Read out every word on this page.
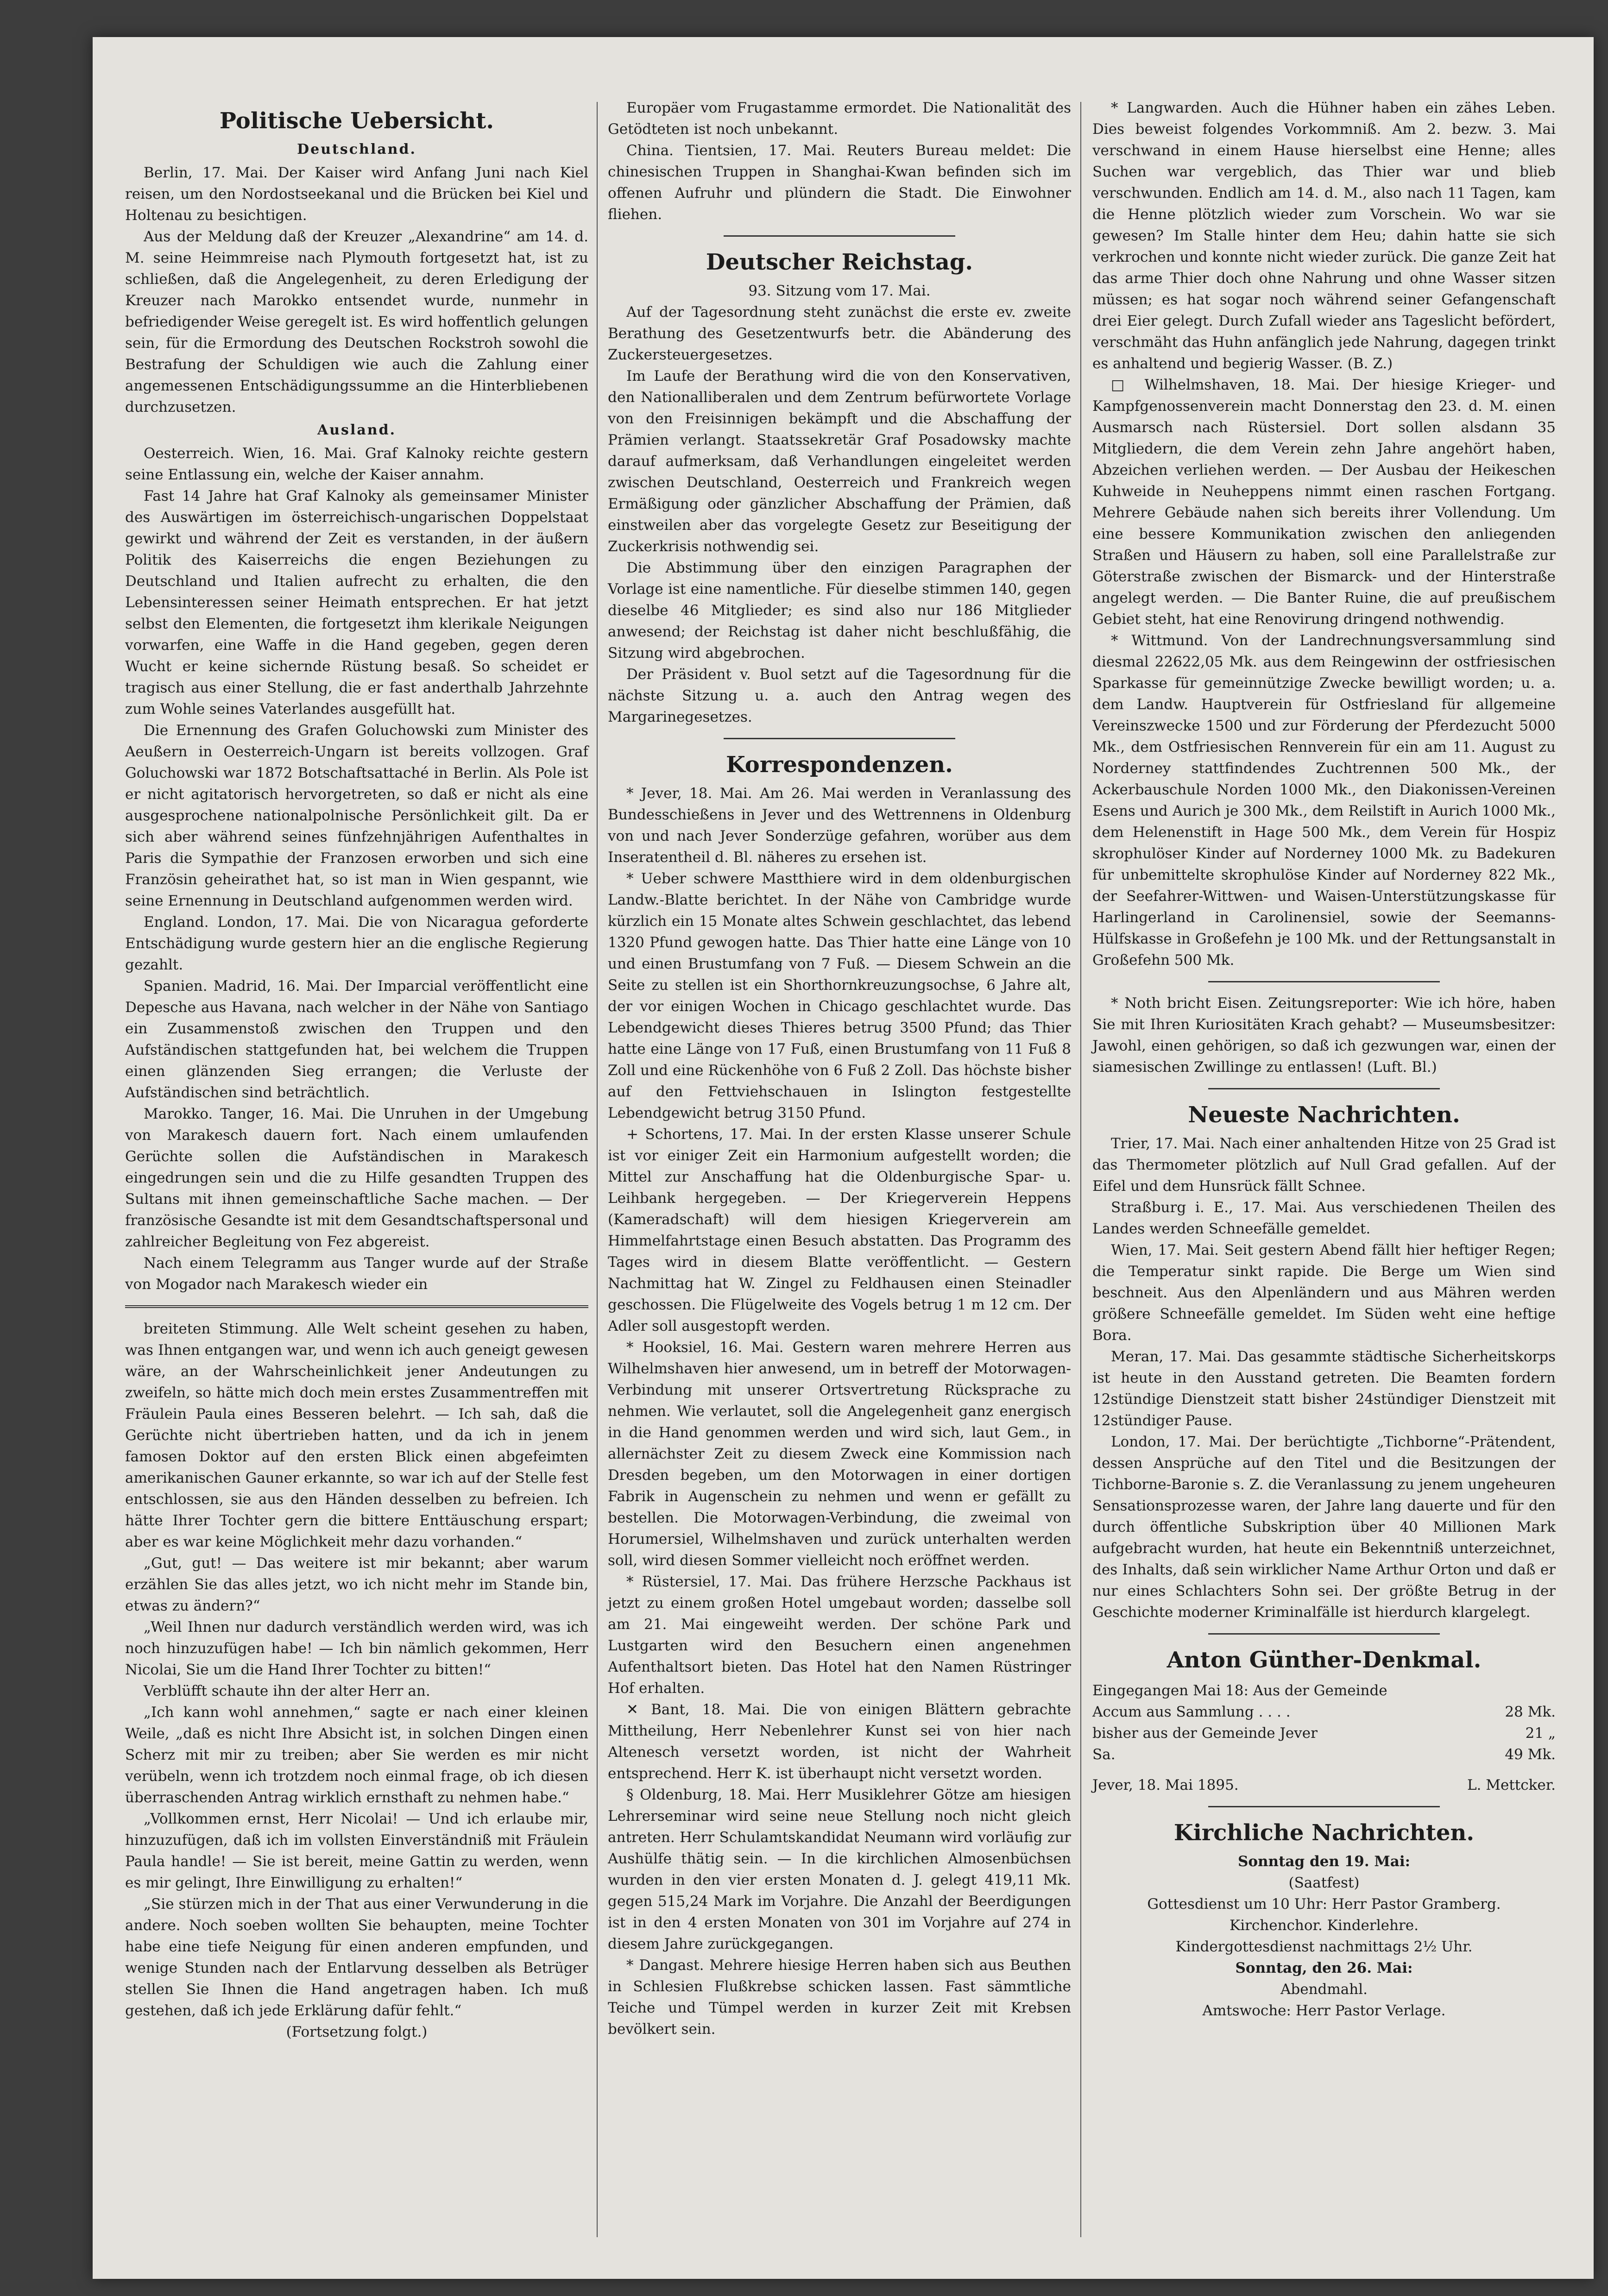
Politische Uebersicht.
Deutschland.

Berlin, 17. Mai. Der Kaiser wird Anfang Juni nach Kiel reisen, um den Nordostseekanal und die Brücken bei Kiel und Holtenau zu besichtigen.

Aus der Meldung daß der Kreuzer „Alexandrine“ am 14. d. M. seine Heimmreise nach Plymouth fortgesetzt hat, ist zu schließen, daß die Angelegenheit, zu deren Erledigung der Kreuzer nach Marokko entsendet wurde, nunmehr in befriedigender Weise geregelt ist. Es wird hoffentlich gelungen sein, für die Ermordung des Deutschen Rockstroh sowohl die Bestrafung der Schuldigen wie auch die Zahlung einer angemessenen Entschädigungssumme an die Hinterbliebenen durchzusetzen.

Ausland.

Oesterreich. Wien, 16. Mai. Graf Kalnoky reichte gestern seine Entlassung ein, welche der Kaiser annahm.

Fast 14 Jahre hat Graf Kalnoky als gemeinsamer Minister des Auswärtigen im österreichisch-ungarischen Doppelstaat gewirkt und während der Zeit es verstanden, in der äußern Politik des Kaiserreichs die engen Beziehungen zu Deutschland und Italien aufrecht zu erhalten, die den Lebensinteressen seiner Heimath entsprechen. Er hat jetzt selbst den Elementen, die fortgesetzt ihm klerikale Neigungen vorwarfen, eine Waffe in die Hand gegeben, gegen deren Wucht er keine sichernde Rüstung besaß. So scheidet er tragisch aus einer Stellung, die er fast anderthalb Jahrzehnte zum Wohle seines Vaterlandes ausgefüllt hat.

Die Ernennung des Grafen Goluchowski zum Minister des Aeußern in Oesterreich-Ungarn ist bereits vollzogen. Graf Goluchowski war 1872 Botschaftsattaché in Berlin. Als Pole ist er nicht agitatorisch hervorgetreten, so daß er nicht als eine ausgesprochene nationalpolnische Persönlichkeit gilt. Da er sich aber während seines fünfzehnjährigen Aufenthaltes in Paris die Sympathie der Franzosen erworben und sich eine Französin geheirathet hat, so ist man in Wien gespannt, wie seine Ernennung in Deutschland aufgenommen werden wird.

England. London, 17. Mai. Die von Nicaragua geforderte Entschädigung wurde gestern hier an die englische Regierung gezahlt.

Spanien. Madrid, 16. Mai. Der Imparcial veröffentlicht eine Depesche aus Havana, nach welcher in der Nähe von Santiago ein Zusammenstoß zwischen den Truppen und den Aufständischen stattgefunden hat, bei welchem die Truppen einen glänzenden Sieg errangen; die Verluste der Aufständischen sind beträchtlich.

Marokko. Tanger, 16. Mai. Die Unruhen in der Umgebung von Marakesch dauern fort. Nach einem umlaufenden Gerüchte sollen die Aufständischen in Marakesch eingedrungen sein und die zu Hilfe gesandten Truppen des Sultans mit ihnen gemeinschaftliche Sache machen. — Der französische Gesandte ist mit dem Gesandtschaftspersonal und zahlreicher Begleitung von Fez abgereist.

Nach einem Telegramm aus Tanger wurde auf der Straße von Mogador nach Marakesch wieder ein

breiteten Stimmung. Alle Welt scheint gesehen zu haben, was Ihnen entgangen war, und wenn ich auch geneigt gewesen wäre, an der Wahrscheinlichkeit jener Andeutungen zu zweifeln, so hätte mich doch mein erstes Zusammentreffen mit Fräulein Paula eines Besseren belehrt. — Ich sah, daß die Gerüchte nicht übertrieben hatten, und da ich in jenem famosen Doktor auf den ersten Blick einen abgefeimten amerikanischen Gauner erkannte, so war ich auf der Stelle fest entschlossen, sie aus den Händen desselben zu befreien. Ich hätte Ihrer Tochter gern die bittere Enttäuschung erspart; aber es war keine Möglichkeit mehr dazu vorhanden.“

„Gut, gut! — Das weitere ist mir bekannt; aber warum erzählen Sie das alles jetzt, wo ich nicht mehr im Stande bin, etwas zu ändern?“

„Weil Ihnen nur dadurch verständlich werden wird, was ich noch hinzuzufügen habe! — Ich bin nämlich gekommen, Herr Nicolai, Sie um die Hand Ihrer Tochter zu bitten!“

Verblüfft schaute ihn der alter Herr an.

„Ich kann wohl annehmen,“ sagte er nach einer kleinen Weile, „daß es nicht Ihre Absicht ist, in solchen Dingen einen Scherz mit mir zu treiben; aber Sie werden es mir nicht verübeln, wenn ich trotzdem noch einmal frage, ob ich diesen überraschenden Antrag wirklich ernsthaft zu nehmen habe.“

„Vollkommen ernst, Herr Nicolai! — Und ich erlaube mir, hinzuzufügen, daß ich im vollsten Einverständniß mit Fräulein Paula handle! — Sie ist bereit, meine Gattin zu werden, wenn es mir gelingt, Ihre Einwilligung zu erhalten!“

„Sie stürzen mich in der That aus einer Verwunderung in die andere. Noch soeben wollten Sie behaupten, meine Tochter habe eine tiefe Neigung für einen anderen empfunden, und wenige Stunden nach der Entlarvung desselben als Betrüger stellen Sie Ihnen die Hand angetragen haben. Ich muß gestehen, daß ich jede Erklärung dafür fehlt.“

(Fortsetzung folgt.)

Europäer vom Frugastamme ermordet. Die Nationalität des Getödteten ist noch unbekannt.

China. Tientsien, 17. Mai. Reuters Bureau meldet: Die chinesischen Truppen in Shanghai-Kwan befinden sich im offenen Aufruhr und plündern die Stadt. Die Einwohner fliehen.

Deutscher Reichstag.

93. Sitzung vom 17. Mai.

Auf der Tagesordnung steht zunächst die erste ev. zweite Berathung des Gesetzentwurfs betr. die Abänderung des Zuckersteuergesetzes.

Im Laufe der Berathung wird die von den Konservativen, den Nationalliberalen und dem Zentrum befürwortete Vorlage von den Freisinnigen bekämpft und die Abschaffung der Prämien verlangt. Staatssekretär Graf Posadowsky machte darauf aufmerksam, daß Verhandlungen eingeleitet werden zwischen Deutschland, Oesterreich und Frankreich wegen Ermäßigung oder gänzlicher Abschaffung der Prämien, daß einstweilen aber das vorgelegte Gesetz zur Beseitigung der Zuckerkrisis nothwendig sei.

Die Abstimmung über den einzigen Paragraphen der Vorlage ist eine namentliche. Für dieselbe stimmen 140, gegen dieselbe 46 Mitglieder; es sind also nur 186 Mitglieder anwesend; der Reichstag ist daher nicht beschlußfähig, die Sitzung wird abgebrochen.

Der Präsident v. Buol setzt auf die Tagesordnung für die nächste Sitzung u. a. auch den Antrag wegen des Margarinegesetzes.

Korrespondenzen.

* Jever, 18. Mai. Am 26. Mai werden in Veranlassung des Bundesschießens in Jever und des Wettrennens in Oldenburg von und nach Jever Sonderzüge gefahren, worüber aus dem Inseratentheil d. Bl. näheres zu ersehen ist.

* Ueber schwere Mastthiere wird in dem oldenburgischen Landw.-Blatte berichtet. In der Nähe von Cambridge wurde kürzlich ein 15 Monate altes Schwein geschlachtet, das lebend 1320 Pfund gewogen hatte. Das Thier hatte eine Länge von 10 und einen Brustumfang von 7 Fuß. — Diesem Schwein an die Seite zu stellen ist ein Shorthornkreuzungsochse, 6 Jahre alt, der vor einigen Wochen in Chicago geschlachtet wurde. Das Lebendgewicht dieses Thieres betrug 3500 Pfund; das Thier hatte eine Länge von 17 Fuß, einen Brustumfang von 11 Fuß 8 Zoll und eine Rückenhöhe von 6 Fuß 2 Zoll. Das höchste bisher auf den Fettviehschauen in Islington festgestellte Lebendgewicht betrug 3150 Pfund.

+ Schortens, 17. Mai. In der ersten Klasse unserer Schule ist vor einiger Zeit ein Harmonium aufgestellt worden; die Mittel zur Anschaffung hat die Oldenburgische Spar- u. Leihbank hergegeben. — Der Kriegerverein Heppens (Kameradschaft) will dem hiesigen Kriegerverein am Himmelfahrtstage einen Besuch abstatten. Das Programm des Tages wird in diesem Blatte veröffentlicht. — Gestern Nachmittag hat W. Zingel zu Feldhausen einen Steinadler geschossen. Die Flügelweite des Vogels betrug 1 m 12 cm. Der Adler soll ausgestopft werden.

* Hooksiel, 16. Mai. Gestern waren mehrere Herren aus Wilhelmshaven hier anwesend, um in betreff der Motorwagen-Verbindung mit unserer Ortsvertretung Rücksprache zu nehmen. Wie verlautet, soll die Angelegenheit ganz energisch in die Hand genommen werden und wird sich, laut Gem., in allernächster Zeit zu diesem Zweck eine Kommission nach Dresden begeben, um den Motorwagen in einer dortigen Fabrik in Augenschein zu nehmen und wenn er gefällt zu bestellen. Die Motorwagen-Verbindung, die zweimal von Horumersiel, Wilhelmshaven und zurück unterhalten werden soll, wird diesen Sommer vielleicht noch eröffnet werden.

* Rüstersiel, 17. Mai. Das frühere Herzsche Packhaus ist jetzt zu einem großen Hotel umgebaut worden; dasselbe soll am 21. Mai eingeweiht werden. Der schöne Park und Lustgarten wird den Besuchern einen angenehmen Aufenthaltsort bieten. Das Hotel hat den Namen Rüstringer Hof erhalten.

✕ Bant, 18. Mai. Die von einigen Blättern gebrachte Mittheilung, Herr Nebenlehrer Kunst sei von hier nach Altenesch versetzt worden, ist nicht der Wahrheit entsprechend. Herr K. ist überhaupt nicht versetzt worden.

§ Oldenburg, 18. Mai. Herr Musiklehrer Götze am hiesigen Lehrerseminar wird seine neue Stellung noch nicht gleich antreten. Herr Schulamtskandidat Neumann wird vorläufig zur Aushülfe thätig sein. — In die kirchlichen Almosenbüchsen wurden in den vier ersten Monaten d. J. gelegt 419,11 Mk. gegen 515,24 Mark im Vorjahre. Die Anzahl der Beerdigungen ist in den 4 ersten Monaten von 301 im Vorjahre auf 274 in diesem Jahre zurückgegangen.

* Dangast. Mehrere hiesige Herren haben sich aus Beuthen in Schlesien Flußkrebse schicken lassen. Fast sämmtliche Teiche und Tümpel werden in kurzer Zeit mit Krebsen bevölkert sein.

* Langwarden. Auch die Hühner haben ein zähes Leben. Dies beweist folgendes Vorkommniß. Am 2. bezw. 3. Mai verschwand in einem Hause hierselbst eine Henne; alles Suchen war vergeblich, das Thier war und blieb verschwunden. Endlich am 14. d. M., also nach 11 Tagen, kam die Henne plötzlich wieder zum Vorschein. Wo war sie gewesen? Im Stalle hinter dem Heu; dahin hatte sie sich verkrochen und konnte nicht wieder zurück. Die ganze Zeit hat das arme Thier doch ohne Nahrung und ohne Wasser sitzen müssen; es hat sogar noch während seiner Gefangenschaft drei Eier gelegt. Durch Zufall wieder ans Tageslicht befördert, verschmäht das Huhn anfänglich jede Nahrung, dagegen trinkt es anhaltend und begierig Wasser. (B. Z.)

□ Wilhelmshaven, 18. Mai. Der hiesige Krieger- und Kampfgenossenverein macht Donnerstag den 23. d. M. einen Ausmarsch nach Rüstersiel. Dort sollen alsdann 35 Mitgliedern, die dem Verein zehn Jahre angehört haben, Abzeichen verliehen werden. — Der Ausbau der Heikeschen Kuhweide in Neuheppens nimmt einen raschen Fortgang. Mehrere Gebäude nahen sich bereits ihrer Vollendung. Um eine bessere Kommunikation zwischen den anliegenden Straßen und Häusern zu haben, soll eine Parallelstraße zur Göterstraße zwischen der Bismarck- und der Hinterstraße angelegt werden. — Die Banter Ruine, die auf preußischem Gebiet steht, hat eine Renovirung dringend nothwendig.

* Wittmund. Von der Landrechnungsversammlung sind diesmal 22622,05 Mk. aus dem Reingewinn der ostfriesischen Sparkasse für gemeinnützige Zwecke bewilligt worden; u. a. dem Landw. Hauptverein für Ostfriesland für allgemeine Vereinszwecke 1500 und zur Förderung der Pferdezucht 5000 Mk., dem Ostfriesischen Rennverein für ein am 11. August zu Norderney stattfindendes Zuchtrennen 500 Mk., der Ackerbauschule Norden 1000 Mk., den Diakonissen-Vereinen Esens und Aurich je 300 Mk., dem Reilstift in Aurich 1000 Mk., dem Helenenstift in Hage 500 Mk., dem Verein für Hospiz skrophulöser Kinder auf Norderney 1000 Mk. zu Badekuren für unbemittelte skrophulöse Kinder auf Norderney 822 Mk., der Seefahrer-Wittwen- und Waisen-Unterstützungskasse für Harlingerland in Carolinensiel, sowie der Seemanns-Hülfskasse in Großefehn je 100 Mk. und der Rettungsanstalt in Großefehn 500 Mk.

* Noth bricht Eisen. Zeitungsreporter: Wie ich höre, haben Sie mit Ihren Kuriositäten Krach gehabt? — Museumsbesitzer: Jawohl, einen gehörigen, so daß ich gezwungen war, einen der siamesischen Zwillinge zu entlassen! (Luft. Bl.)

Neueste Nachrichten.

Trier, 17. Mai. Nach einer anhaltenden Hitze von 25 Grad ist das Thermometer plötzlich auf Null Grad gefallen. Auf der Eifel und dem Hunsrück fällt Schnee.

Straßburg i. E., 17. Mai. Aus verschiedenen Theilen des Landes werden Schneefälle gemeldet.

Wien, 17. Mai. Seit gestern Abend fällt hier heftiger Regen; die Temperatur sinkt rapide. Die Berge um Wien sind beschneit. Aus den Alpenländern und aus Mähren werden größere Schneefälle gemeldet. Im Süden weht eine heftige Bora.

Meran, 17. Mai. Das gesammte städtische Sicherheitskorps ist heute in den Ausstand getreten. Die Beamten fordern 12stündige Dienstzeit statt bisher 24stündiger Dienstzeit mit 12stündiger Pause.

London, 17. Mai. Der berüchtigte „Tichborne“-Prätendent, dessen Ansprüche auf den Titel und die Besitzungen der Tichborne-Baronie s. Z. die Veranlassung zu jenem ungeheuren Sensationsprozesse waren, der Jahre lang dauerte und für den durch öffentliche Subskription über 40 Millionen Mark aufgebracht wurden, hat heute ein Bekenntniß unterzeichnet, des Inhalts, daß sein wirklicher Name Arthur Orton und daß er nur eines Schlachters Sohn sei. Der größte Betrug in der Geschichte moderner Kriminalfälle ist hierdurch klargelegt.

Anton Günther-Denkmal.
Eingegangen Mai 18: Aus der Gemeinde
Accum aus Sammlung . . . .	28 Mk.
bisher aus der Gemeinde Jever	21 „
Sa.	49 Mk.
Jever, 18. Mai 1895.	L. Mettcker.
Kirchliche Nachrichten.

Sonntag den 19. Mai:

(Saatfest)

Gottesdienst um 10 Uhr: Herr Pastor Gramberg.

Kirchenchor. Kinderlehre.

Kindergottesdienst nachmittags 2½ Uhr.

Sonntag, den 26. Mai:

Abendmahl.

Amtswoche: Herr Pastor Verlage.
